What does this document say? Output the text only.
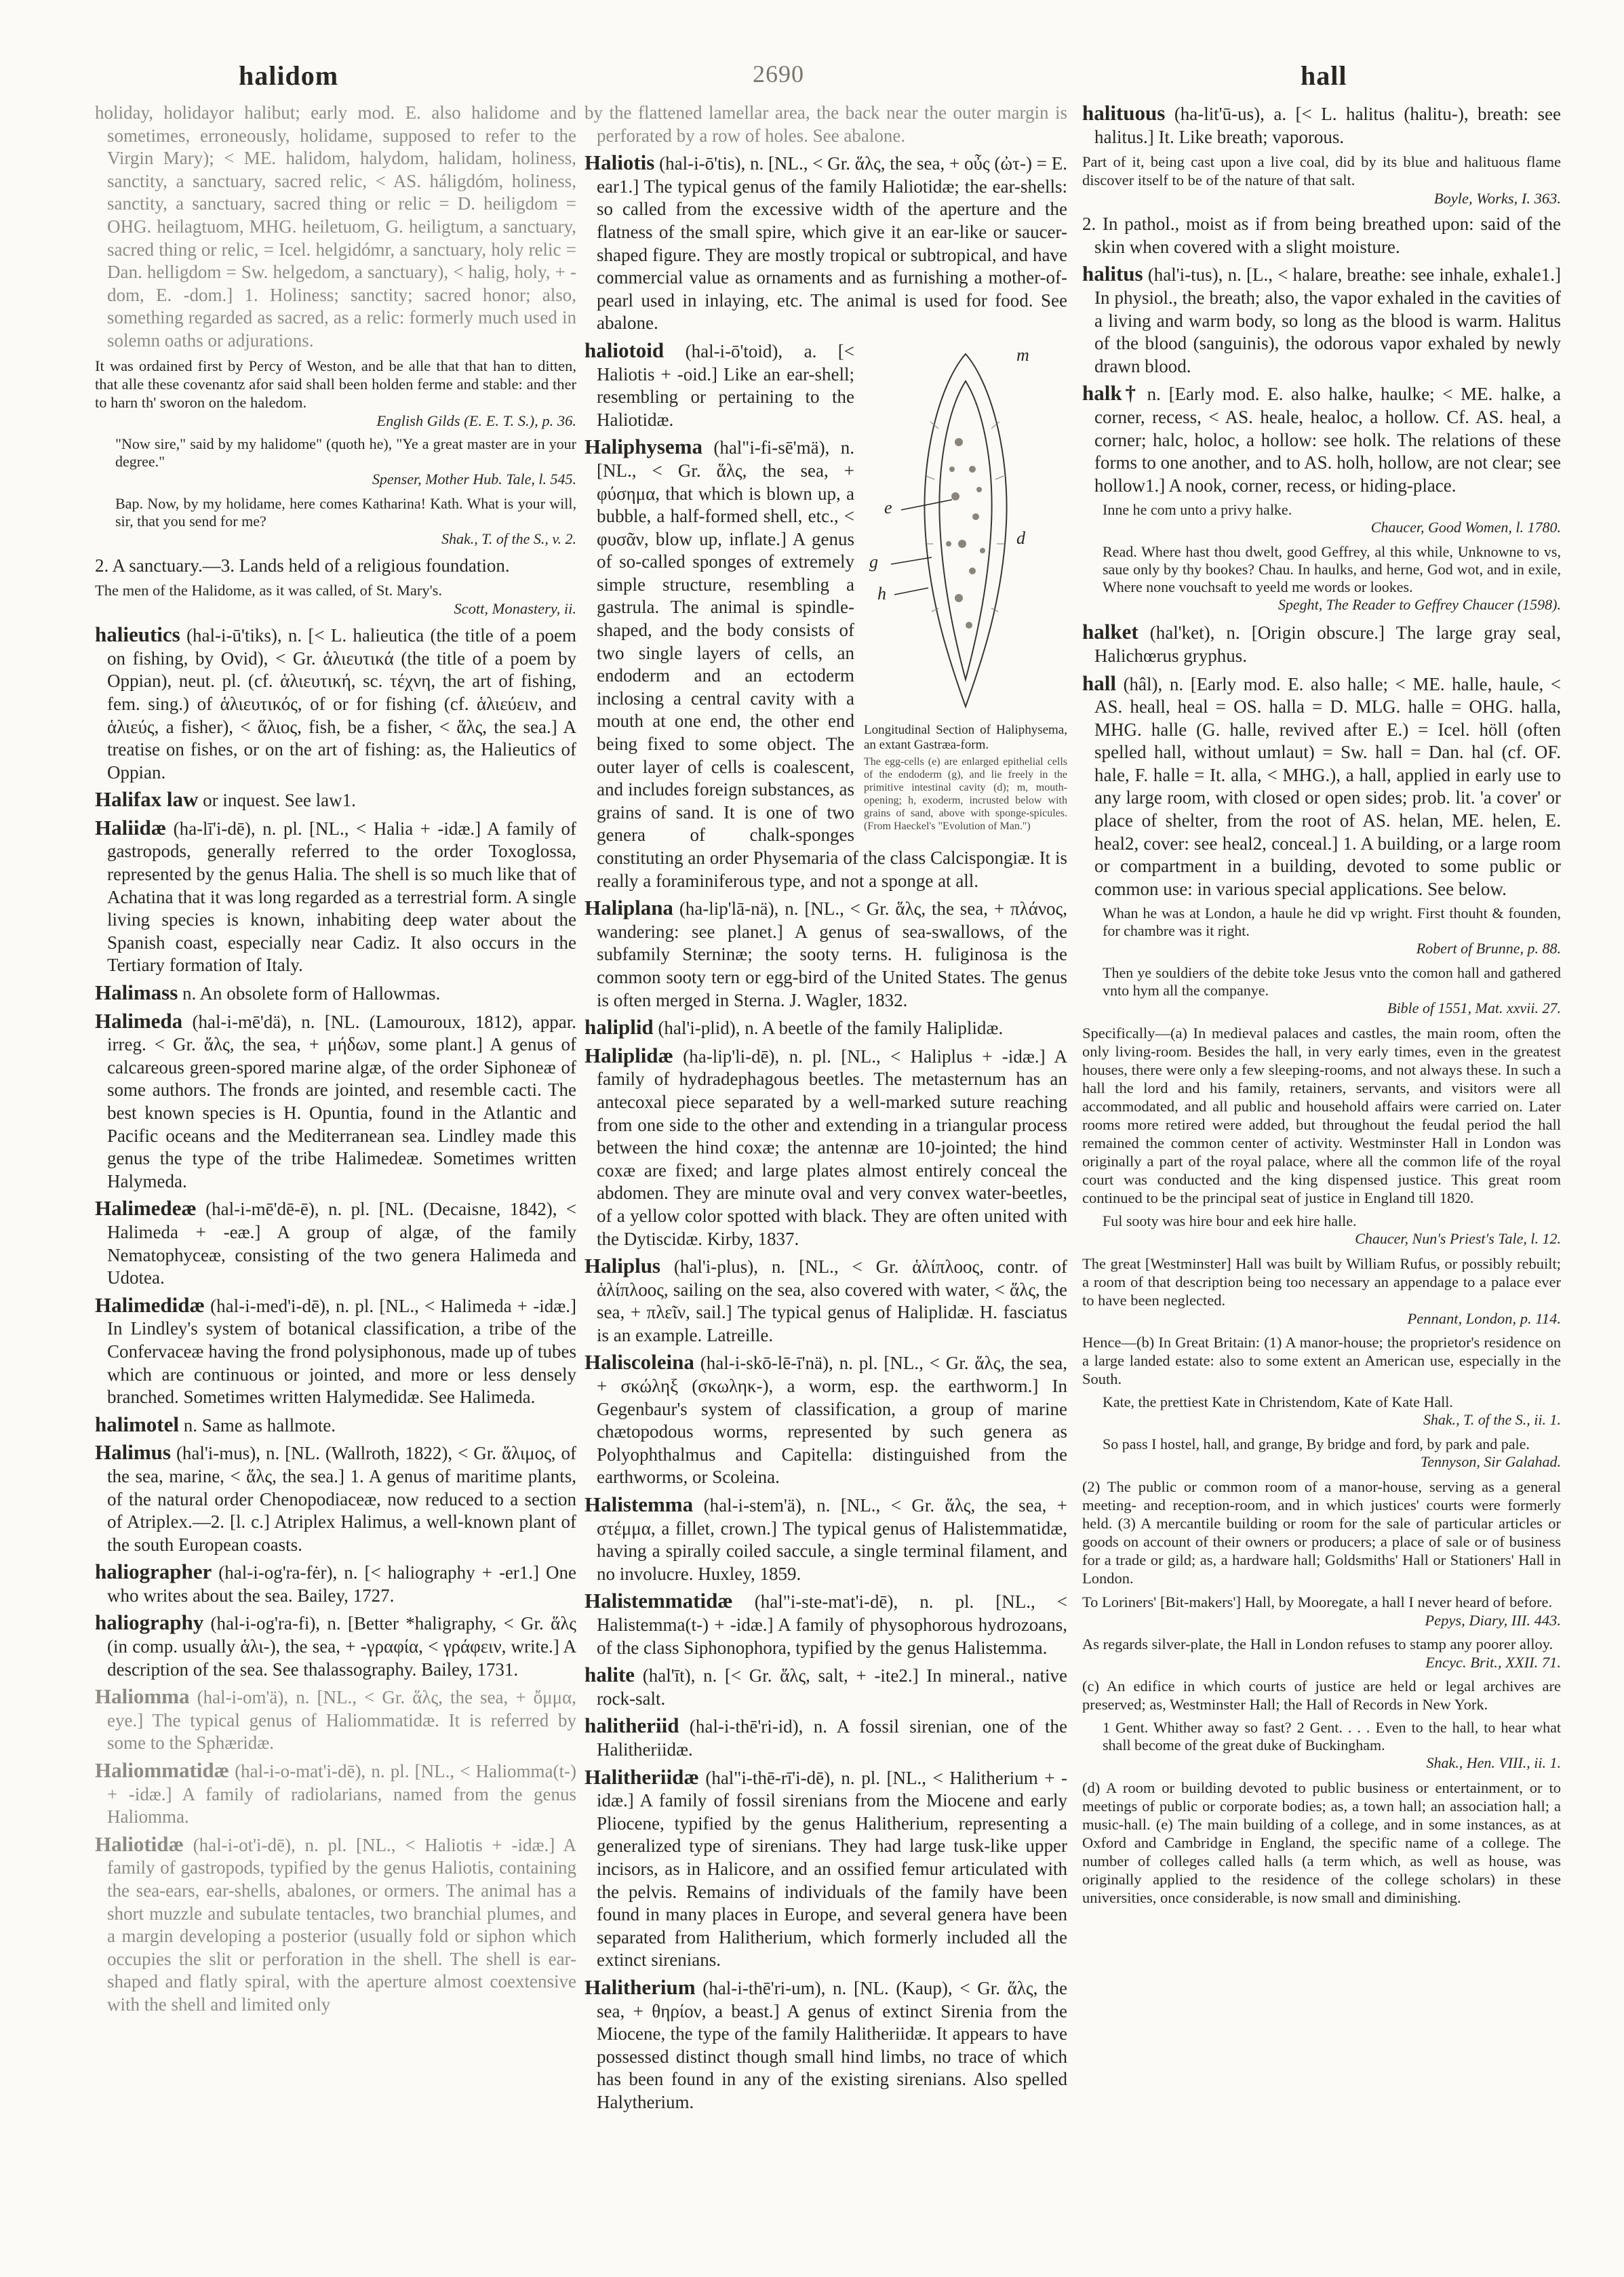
halidom	2690	hall

holiday, holidayor halibut; early mod. E. also halidome and sometimes, erroneously, holidame, supposed to refer to the Virgin Mary); < ME. halidom, halydom, halidam, holiness, sanctity, a sanctuary, sacred relic, < AS. háligdóm, holiness, sanctity, a sanctuary, sacred thing or relic = D. heiligdom = OHG. heilagtuom, MHG. heiletuom, G. heiligtum, a sanctuary, sacred thing or relic, = Icel. helgidómr, a sanctuary, holy relic = Dan. helligdom = Sw. helgedom, a sanctuary), < halig, holy, + -dom, E. -dom.] 1. Holiness; sanctity; sacred honor; also, something regarded as sacred, as a relic: formerly much used in solemn oaths or adjurations.

It was ordained first by Percy of Weston, and be alle that that han to ditten, that alle these covenantz afor said shall been holden ferme and stable: and ther to harn th' sworon on the haledom.
English Gilds (E. E. T. S.), p. 36.
"Now sire," said by my halidome" (quoth he), "Ye a great master are in your degree."
Spenser, Mother Hub. Tale, l. 545.
Bap. Now, by my holidame, here comes Katharina! Kath. What is your will, sir, that you send for me?
Shak., T. of the S., v. 2.

2. A sanctuary.—3. Lands held of a religious foundation.

The men of the Halidome, as it was called, of St. Mary's.
Scott, Monastery, ii.

halieutics (hal-i-ū'tiks), n. [< L. halieutica (the title of a poem on fishing, by Ovid), < Gr. ἁλιευτικά (the title of a poem by Oppian), neut. pl. (cf. ἁλιευτική, sc. τέχνη, the art of fishing, fem. sing.) of ἁλιευτικός, of or for fishing (cf. ἁλιεύειν, and ἁλιεύς, a fisher), < ἅλιος, fish, be a fisher, < ἅλς, the sea.] A treatise on fishes, or on the art of fishing: as, the Halieutics of Oppian.

Halifax law or inquest. See law1.

Haliidæ (ha-lī'i-dē), n. pl. [NL., < Halia + -idæ.] A family of gastropods, generally referred to the order Toxoglossa, represented by the genus Halia. The shell is so much like that of Achatina that it was long regarded as a terrestrial form. A single living species is known, inhabiting deep water about the Spanish coast, especially near Cadiz. It also occurs in the Tertiary formation of Italy.

Halimass n. An obsolete form of Hallowmas.

Halimeda (hal-i-mē'dä), n. [NL. (Lamouroux, 1812), appar. irreg. < Gr. ἅλς, the sea, + μήδων, some plant.] A genus of calcareous green-spored marine algæ, of the order Siphoneæ of some authors. The fronds are jointed, and resemble cacti. The best known species is H. Opuntia, found in the Atlantic and Pacific oceans and the Mediterranean sea. Lindley made this genus the type of the tribe Halimedeæ. Sometimes written Halymeda.

Halimedeæ (hal-i-mē'dē-ē), n. pl. [NL. (Decaisne, 1842), < Halimeda + -eæ.] A group of algæ, of the family Nematophyceæ, consisting of the two genera Halimeda and Udotea.

Halimedidæ (hal-i-med'i-dē), n. pl. [NL., < Halimeda + -idæ.] In Lindley's system of botanical classification, a tribe of the Confervaceæ having the frond polysiphonous, made up of tubes which are continuous or jointed, and more or less densely branched. Sometimes written Halymedidæ. See Halimeda.

halimotel n. Same as hallmote.

Halimus (hal'i-mus), n. [NL. (Wallroth, 1822), < Gr. ἅλιμος, of the sea, marine, < ἅλς, the sea.] 1. A genus of maritime plants, of the natural order Chenopodiaceæ, now reduced to a section of Atriplex.—2. [l. c.] Atriplex Halimus, a well-known plant of the south European coasts.

haliographer (hal-i-og'ra-fėr), n. [< haliography + -er1.] One who writes about the sea. Bailey, 1727.

haliography (hal-i-og'ra-fi), n. [Better *haligraphy, < Gr. ἅλς (in comp. usually ἁλι-), the sea, + -γραφία, < γράφειν, write.] A description of the sea. See thalassography. Bailey, 1731.

Haliomma (hal-i-om'ä), n. [NL., < Gr. ἅλς, the sea, + ὄμμα, eye.] The typical genus of Haliommatidæ. It is referred by some to the Sphæridæ.

Haliommatidæ (hal-i-o-mat'i-dē), n. pl. [NL., < Haliomma(t-) + -idæ.] A family of radiolarians, named from the genus Haliomma.

Haliotidæ (hal-i-ot'i-dē), n. pl. [NL., < Haliotis + -idæ.] A family of gastropods, typified by the genus Haliotis, containing the sea-ears, ear-shells, abalones, or ormers. The animal has a short muzzle and subulate tentacles, two branchial plumes, and a margin developing a posterior (usually fold or siphon which occupies the slit or perforation in the shell. The shell is ear-shaped and flatly spiral, with the aperture almost coextensive with the shell and limited only

by the flattened lamellar area, the back near the outer margin is perforated by a row of holes. See abalone.

Haliotis (hal-i-ō'tis), n. [NL., < Gr. ἅλς, the sea, + οὖς (ὠτ-) = E. ear1.] The typical genus of the family Haliotidæ; the ear-shells: so called from the excessive width of the aperture and the flatness of the small spire, which give it an ear-like or saucer-shaped figure. They are mostly tropical or subtropical, and have commercial value as ornaments and as furnishing a mother-of-pearl used in inlaying, etc. The animal is used for food. See abalone.

m
e
g
h
d
Longitudinal Section of Haliphysema, an extant Gastræa-form.
The egg-cells (e) are enlarged epithelial cells of the endoderm (g), and lie freely in the primitive intestinal cavity (d); m, mouth-opening; h, exoderm, incrusted below with grains of sand, above with sponge-spicules. (From Haeckel's "Evolution of Man.")

haliotoid (hal-i-ō'toid), a. [< Haliotis + -oid.] Like an ear-shell; resembling or pertaining to the Haliotidæ.

Haliphysema (hal"i-fi-sē'mä), n. [NL., < Gr. ἅλς, the sea, + φύσημα, that which is blown up, a bubble, a half-formed shell, etc., < φυσᾶν, blow up, inflate.] A genus of so-called sponges of extremely simple structure, resembling a gastrula. The animal is spindle-shaped, and the body consists of two single layers of cells, an endoderm and an ectoderm inclosing a central cavity with a mouth at one end, the other end being fixed to some object. The outer layer of cells is coalescent, and includes foreign substances, as grains of sand. It is one of two genera of chalk-sponges constituting an order Physemaria of the class Calcispongiæ. It is really a foraminiferous type, and not a sponge at all.

Haliplana (ha-lip'lā-nä), n. [NL., < Gr. ἅλς, the sea, + πλάνος, wandering: see planet.] A genus of sea-swallows, of the subfamily Sterninæ; the sooty terns. H. fuliginosa is the common sooty tern or egg-bird of the United States. The genus is often merged in Sterna. J. Wagler, 1832.

haliplid (hal'i-plid), n. A beetle of the family Haliplidæ.

Haliplidæ (ha-lip'li-dē), n. pl. [NL., < Haliplus + -idæ.] A family of hydradephagous beetles. The metasternum has an antecoxal piece separated by a well-marked suture reaching from one side to the other and extending in a triangular process between the hind coxæ; the antennæ are 10-jointed; the hind coxæ are fixed; and large plates almost entirely conceal the abdomen. They are minute oval and very convex water-beetles, of a yellow color spotted with black. They are often united with the Dytiscidæ. Kirby, 1837.

Haliplus (hal'i-plus), n. [NL., < Gr. ἁλίπλοος, contr. of ἁλίπλοος, sailing on the sea, also covered with water, < ἅλς, the sea, + πλεῖν, sail.] The typical genus of Haliplidæ. H. fasciatus is an example. Latreille.

Haliscoleina (hal-i-skō-lē-ī'nä), n. pl. [NL., < Gr. ἅλς, the sea, + σκώληξ (σκωληκ-), a worm, esp. the earthworm.] In Gegenbaur's system of classification, a group of marine chætopodous worms, represented by such genera as Polyophthalmus and Capitella: distinguished from the earthworms, or Scoleina.

Halistemma (hal-i-stem'ä), n. [NL., < Gr. ἅλς, the sea, + στέμμα, a fillet, crown.] The typical genus of Halistemmatidæ, having a spirally coiled saccule, a single terminal filament, and no involucre. Huxley, 1859.

Halistemmatidæ (hal"i-ste-mat'i-dē), n. pl. [NL., < Halistemma(t-) + -idæ.] A family of physophorous hydrozoans, of the class Siphonophora, typified by the genus Halistemma.

halite (hal'īt), n. [< Gr. ἅλς, salt, + -ite2.] In mineral., native rock-salt.

halitheriid (hal-i-thē'ri-id), n. A fossil sirenian, one of the Halitheriidæ.

Halitheriidæ (hal"i-thē-rī'i-dē), n. pl. [NL., < Halitherium + -idæ.] A family of fossil sirenians from the Miocene and early Pliocene, typified by the genus Halitherium, representing a generalized type of sirenians. They had large tusk-like upper incisors, as in Halicore, and an ossified femur articulated with the pelvis. Remains of individuals of the family have been found in many places in Europe, and several genera have been separated from Halitherium, which formerly included all the extinct sirenians.

Halitherium (hal-i-thē'ri-um), n. [NL. (Kaup), < Gr. ἅλς, the sea, + θηρίον, a beast.] A genus of extinct Sirenia from the Miocene, the type of the family Halitheriidæ. It appears to have possessed distinct though small hind limbs, no trace of which has been found in any of the existing sirenians. Also spelled Halytherium.

halituous (ha-lit'ū-us), a. [< L. halitus (halitu-), breath: see halitus.] It. Like breath; vaporous.

Part of it, being cast upon a live coal, did by its blue and halituous flame discover itself to be of the nature of that salt.
Boyle, Works, I. 363.

2. In pathol., moist as if from being breathed upon: said of the skin when covered with a slight moisture.

halitus (hal'i-tus), n. [L., < halare, breathe: see inhale, exhale1.] In physiol., the breath; also, the vapor exhaled in the cavities of a living and warm body, so long as the blood is warm. Halitus of the blood (sanguinis), the odorous vapor exhaled by newly drawn blood.

halk† n. [Early mod. E. also halke, haulke; < ME. halke, a corner, recess, < AS. heale, healoc, a hollow. Cf. AS. heal, a corner; halc, holoc, a hollow: see holk. The relations of these forms to one another, and to AS. holh, hollow, are not clear; see hollow1.] A nook, corner, recess, or hiding-place.

Inne he com unto a privy halke.
Chaucer, Good Women, l. 1780.
Read. Where hast thou dwelt, good Geffrey, al this while, Unknowne to vs, saue only by thy bookes? Chau. In haulks, and herne, God wot, and in exile, Where none vouchsaft to yeeld me words or lookes.
Speght, The Reader to Geffrey Chaucer (1598).

halket (hal'ket), n. [Origin obscure.] The large gray seal, Halichœrus gryphus.

hall (hâl), n. [Early mod. E. also halle; < ME. halle, haule, < AS. heall, heal = OS. halla = D. MLG. halle = OHG. halla, MHG. halle (G. halle, revived after E.) = Icel. höll (often spelled hall, without umlaut) = Sw. hall = Dan. hal (cf. OF. hale, F. halle = It. alla, < MHG.), a hall, applied in early use to any large room, with closed or open sides; prob. lit. 'a cover' or place of shelter, from the root of AS. helan, ME. helen, E. heal2, cover: see heal2, conceal.] 1. A building, or a large room or compartment in a building, devoted to some public or common use: in various special applications. See below.

Whan he was at London, a haule he did vp wright. First thouht & founden, for chambre was it right.
Robert of Brunne, p. 88.
Then ye souldiers of the debite toke Jesus vnto the comon hall and gathered vnto hym all the companye.
Bible of 1551, Mat. xxvii. 27.
Specifically—(a) In medieval palaces and castles, the main room, often the only living-room. Besides the hall, in very early times, even in the greatest houses, there were only a few sleeping-rooms, and not always these. In such a hall the lord and his family, retainers, servants, and visitors were all accommodated, and all public and household affairs were carried on. Later rooms more retired were added, but throughout the feudal period the hall remained the common center of activity. Westminster Hall in London was originally a part of the royal palace, where all the common life of the royal court was conducted and the king dispensed justice. This great room continued to be the principal seat of justice in England till 1820.
Ful sooty was hire bour and eek hire halle.
Chaucer, Nun's Priest's Tale, l. 12.
The great [Westminster] Hall was built by William Rufus, or possibly rebuilt; a room of that description being too necessary an appendage to a palace ever to have been neglected.
Pennant, London, p. 114.
Hence—(b) In Great Britain: (1) A manor-house; the proprietor's residence on a large landed estate: also to some extent an American use, especially in the South.
Kate, the prettiest Kate in Christendom, Kate of Kate Hall.
Shak., T. of the S., ii. 1.
So pass I hostel, hall, and grange, By bridge and ford, by park and pale.
Tennyson, Sir Galahad.
(2) The public or common room of a manor-house, serving as a general meeting- and reception-room, and in which justices' courts were formerly held. (3) A mercantile building or room for the sale of particular articles or goods on account of their owners or producers; a place of sale or of business for a trade or gild; as, a hardware hall; Goldsmiths' Hall or Stationers' Hall in London.
To Loriners' [Bit-makers'] Hall, by Mooregate, a hall I never heard of before.
Pepys, Diary, III. 443.
As regards silver-plate, the Hall in London refuses to stamp any poorer alloy.
Encyc. Brit., XXII. 71.
(c) An edifice in which courts of justice are held or legal archives are preserved; as, Westminster Hall; the Hall of Records in New York.
1 Gent. Whither away so fast? 2 Gent. . . . Even to the hall, to hear what shall become of the great duke of Buckingham.
Shak., Hen. VIII., ii. 1.
(d) A room or building devoted to public business or entertainment, or to meetings of public or corporate bodies; as, a town hall; an association hall; a music-hall. (e) The main building of a college, and in some instances, as at Oxford and Cambridge in England, the specific name of a college. The number of colleges called halls (a term which, as well as house, was originally applied to the residence of the college scholars) in these universities, once considerable, is now small and diminishing.
